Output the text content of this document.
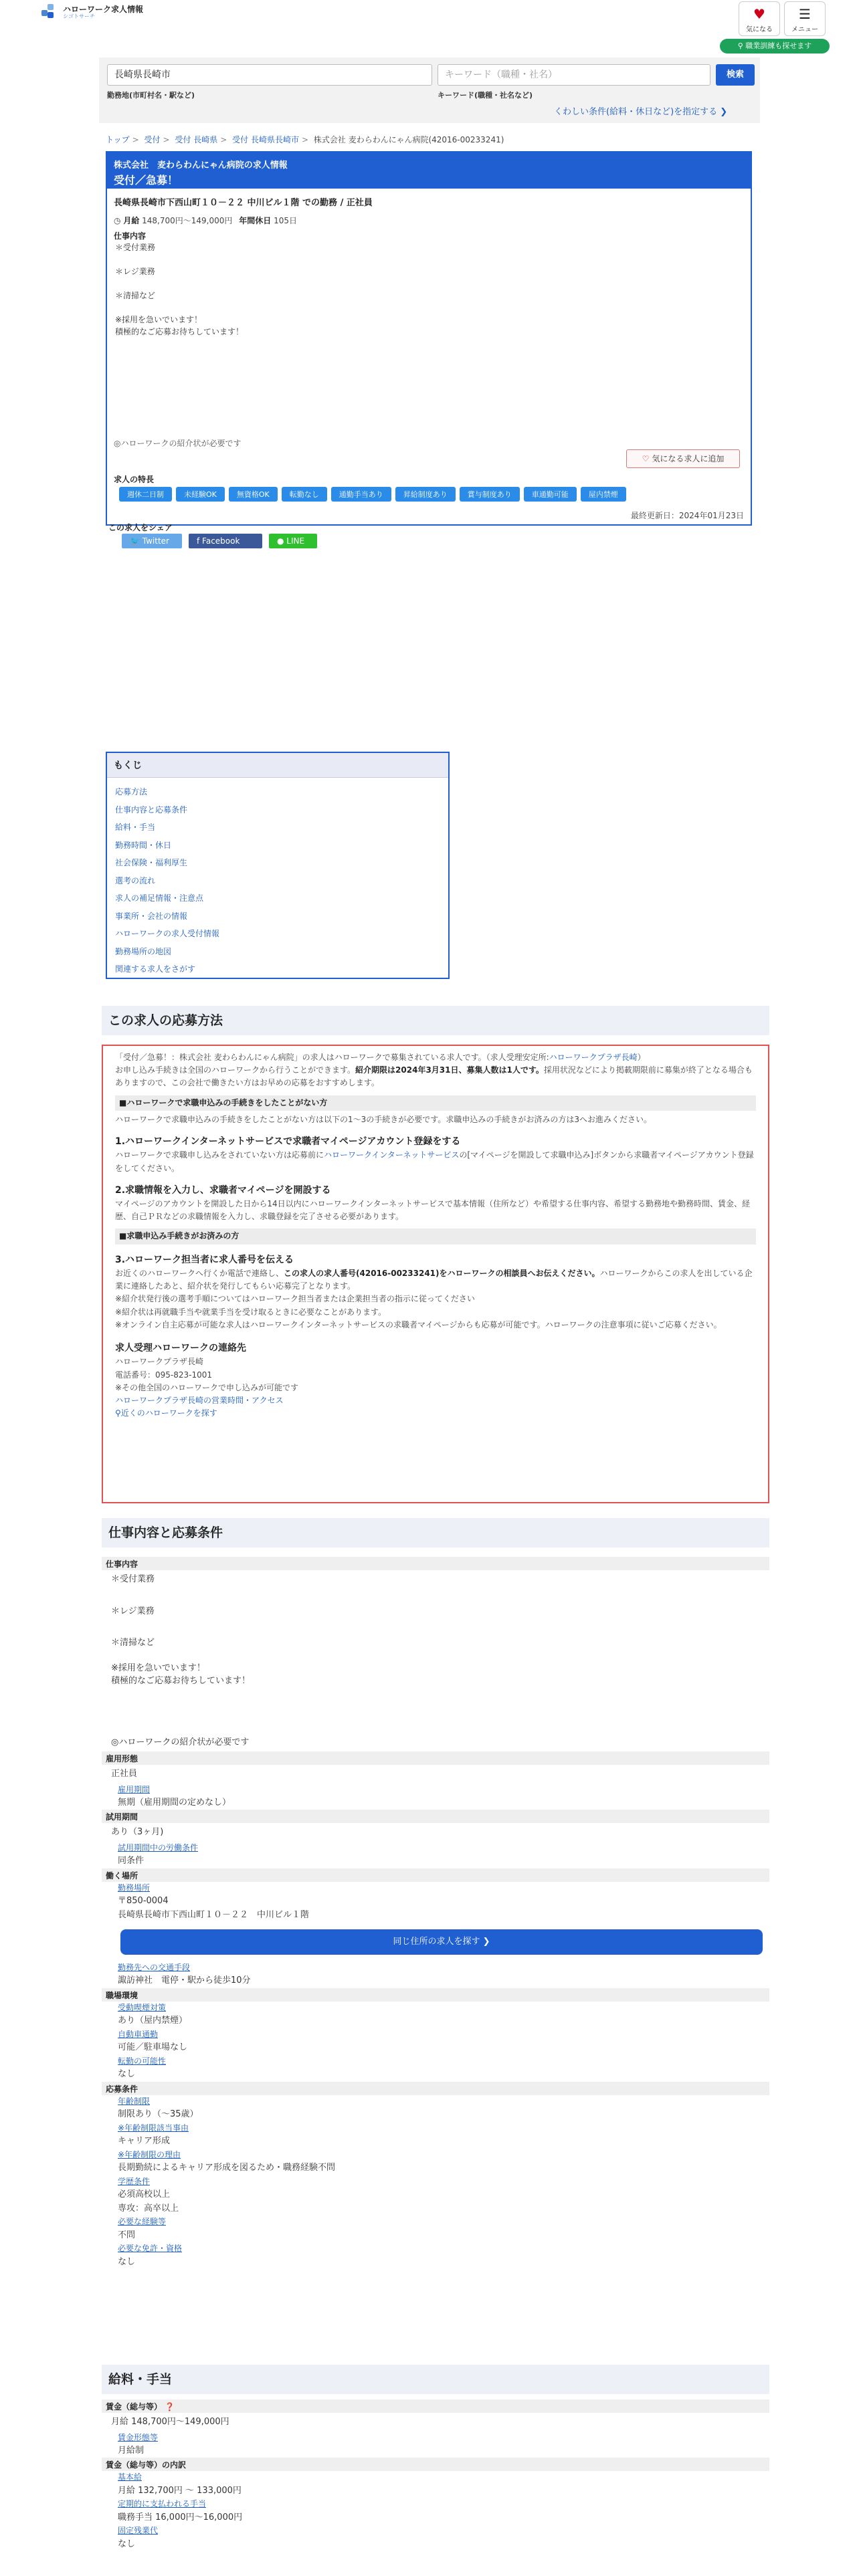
ハローワーク求人情報
シゴトサーチ	♥
気になる
☰
メニュー
⚲ 職業訓練も探せます
長崎県長崎市	キーワード（職種・社名）	検索
勤務地(市町村名・駅など)	キーワード(職種・社名など)
くわしい条件(給料・休日など)を指定する ❯
トップ > 受付 > 受付 長崎県 > 受付 長崎県長崎市 > 株式会社 麦わらわんにゃん病院(42016-00233241)
株式会社　麦わらわんにゃん病院の求人情報
受付／急募！
長崎県長崎市下西山町１０－２２ 中川ビル１階 での勤務 / 正社員
◷ 月給 148,700円〜149,000円 年間休日 105日
仕事内容
＊受付業務
＊レジ業務
＊清掃など
※採用を急いでいます！
積極的なご応募お待ちしています！
◎ハローワークの紹介状が必要です
♡ 気になる求人に追加
求人の特長
週休二日制	未経験OK	無資格OK	転勤なし	通勤手当あり	昇給制度あり	賞与制度あり	車通勤可能	屋内禁煙
最終更新日：2024年01月23日
この求人をシェア
🐦 Twitter	f Facebook	● LINE
もくじ
応募方法
仕事内容と応募条件
給料・手当
勤務時間・休日
社会保険・福利厚生
選考の流れ
求人の補足情報・注意点
事業所・会社の情報
ハローワークの求人受付情報
勤務場所の地図
関連する求人をさがす
この求人の応募方法

「受付／急募！：株式会社 麦わらわんにゃん病院」の求人はハローワークで募集されている求人です。（求人受理安定所:ハローワークプラザ長崎）
お申し込み手続きは全国のハローワークから行うことができます。紹介期限は2024年3月31日、募集人数は1人です。採用状況などにより掲載期限前に募集が終了となる場合もありますので、この会社で働きたい方はお早めの応募をおすすめします。

■ハローワークで求職申込みの手続きをしたことがない方

ハローワークで求職申込みの手続きをしたことがない方は以下の1〜3の手続きが必要です。求職申込みの手続きがお済みの方は3へお進みください。

1.ハローワークインターネットサービスで求職者マイページアカウント登録をする

ハローワークで求職申し込みをされていない方は応募前にハローワークインターネットサービスの[マイページを開設して求職申込み]ボタンから求職者マイページアカウント登録をしてください。

2.求職情報を入力し、求職者マイページを開設する

マイページのアカウントを開設した日から14日以内にハローワークインターネットサービスで基本情報（住所など）や希望する仕事内容、希望する勤務地や勤務時間、賃金、経歴、自己ＰＲなどの求職情報を入力し、求職登録を完了させる必要があります。

■求職申込み手続きがお済みの方
3.ハローワーク担当者に求人番号を伝える

お近くのハローワークへ行くか電話で連絡し、この求人の求人番号(42016-00233241)をハローワークの相談員へお伝えください。ハローワークからこの求人を出している企業に連絡したあと、紹介状を発行してもらい応募完了となります。
※紹介状発行後の選考手順についてはハローワーク担当者または企業担当者の指示に従ってください
※紹介状は再就職手当や就業手当を受け取るときに必要なことがあります。
※オンライン自主応募が可能な求人はハローワークインターネットサービスの求職者マイページからも応募が可能です。ハローワークの注意事項に従いご応募ください。

求人受理ハローワークの連絡先
ハローワークプラザ長崎
電話番号：095-823-1001
※その他全国のハローワークで申し込みが可能です
ハローワークプラザ長崎の営業時間・アクセス
⚲近くのハローワークを探す
仕事内容と応募条件
仕事内容
＊受付業務
＊レジ業務
＊清掃など
※採用を急いでいます！
積極的なご応募お待ちしています！
◎ハローワークの紹介状が必要です
雇用形態
正社員
雇用期間
無期（雇用期間の定めなし）
試用期間
あり（3ヶ月)
試用期間中の労働条件
同条件
働く場所
勤務場所
〒850-0004
長崎県長崎市下西山町１０－２２　中川ビル１階
同じ住所の求人を探す ❯
勤務先への交通手段
諏訪神社　電停・駅から徒歩10分
職場環境
受動喫煙対策
あり（屋内禁煙）
自動車通勤
可能／駐車場なし
転勤の可能性
なし
応募条件
年齢制限
制限あり（〜35歳）
※年齢制限該当事由
キャリア形成
※年齢制限の理由
長期勤続によるキャリア形成を図るため・職務経験不問
学歴条件
必須高校以上
専攻：高卒以上
必要な経験等
不問
必要な免許・資格
なし
給料・手当
賃金（総与等） ❓
月給 148,700円〜149,000円
賃金形態等
月給制
賃金（総与等）の内訳
基本給
月給 132,700円 〜 133,000円
定期的に支払われる手当
職務手当 16,000円〜16,000円
固定残業代
なし
